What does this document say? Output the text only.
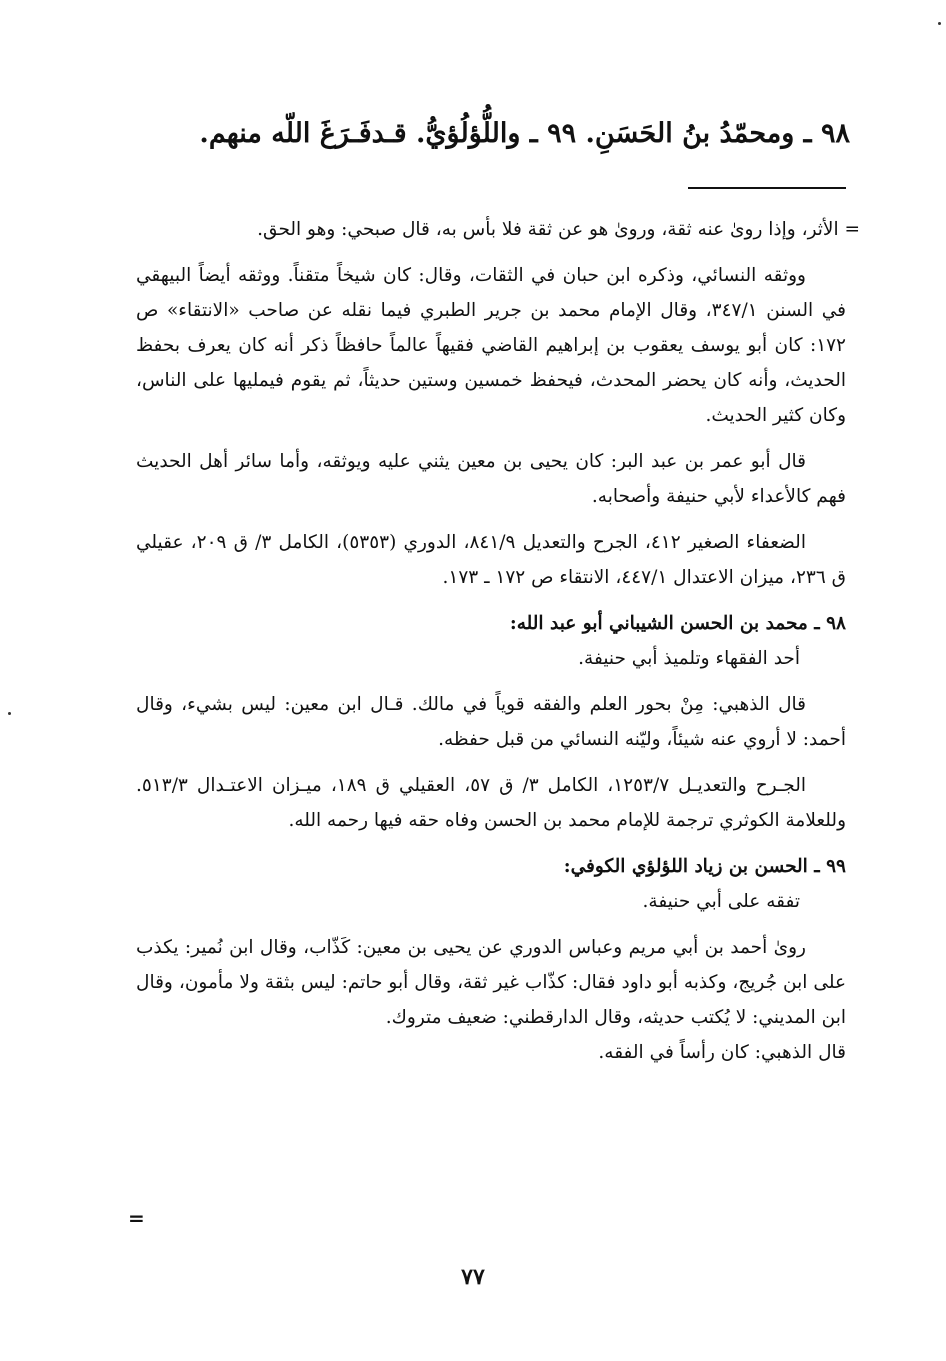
٩٨ ـ ومحمّدُ بنُ الحَسَنِ. ٩٩ ـ واللُّؤلُؤيُّ. قـدفَـرَغَ اللّه منهم.

= الأثر، وإذا روىٰ عنه ثقة، وروىٰ هو عن ثقة فلا بأس به، قال صبحي: وهو الحق.

ووثقه النسائي، وذكره ابن حبان في الثقات، وقال: كان شيخاً متقناً. ووثقه أيضاً البيهقي في السنن ٣٤٧/١، وقال الإمام محمد بن جرير الطبري فيما نقله عن صاحب «الانتقاء» ص ١٧٢: كان أبو يوسف يعقوب بن إبراهيم القاضي فقيهاً عالماً حافظاً ذكر أنه كان يعرف بحفظ الحديث، وأنه كان يحضر المحدث، فيحفظ خمسين وستين حديثاً، ثم يقوم فيمليها على الناس، وكان كثير الحديث.

قال أبو عمر بن عبد البر: كان يحيى بن معين يثني عليه ويوثقه، وأما سائر أهل الحديث فهم كالأعداء لأبي حنيفة وأصحابه.

الضعفاء الصغير ٤١٢، الجرح والتعديل ٨٤١/٩، الدوري (٥٣٥٣)، الكامل ٣/ ق ٢٠٩، عقيلي ق ٢٣٦، ميزان الاعتدال ٤٤٧/١، الانتقاء ص ١٧٢ ـ ١٧٣.

٩٨ ـ محمد بن الحسن الشيباني أبو عبد الله:

أحد الفقهاء وتلميذ أبي حنيفة.

قال الذهبي: مِنْ بحور العلم والفقه قوياً في مالك. قـال ابن معين: ليس بشيء، وقال أحمد: لا أروي عنه شيئاً، وليّنه النسائي من قبل حفظه.

الجـرح والتعديـل ١٢٥٣/٧، الكامل ٣/ ق ٥٧، العقيلي ق ١٨٩، ميـزان الاعتـدال ٥١٣/٣. وللعلامة الكوثري ترجمة للإمام محمد بن الحسن وفاه حقه فيها رحمه الله.

٩٩ ـ الحسن بن زياد اللؤلؤي الكوفي:

تفقه على أبي حنيفة.

روىٰ أحمد بن أبي مريم وعباس الدوري عن يحيى بن معين: كَذّاب، وقال ابن نُمير: يكذب على ابن جُريج، وكذبه أبو داود فقال: كذّاب غير ثقة، وقال أبو حاتم: ليس بثقة ولا مأمون، وقال ابن المديني: لا يُكتب حديثه، وقال الدارقطني: ضعيف متروك.

قال الذهبي: كان رأساً في الفقه.

=
٧٧
